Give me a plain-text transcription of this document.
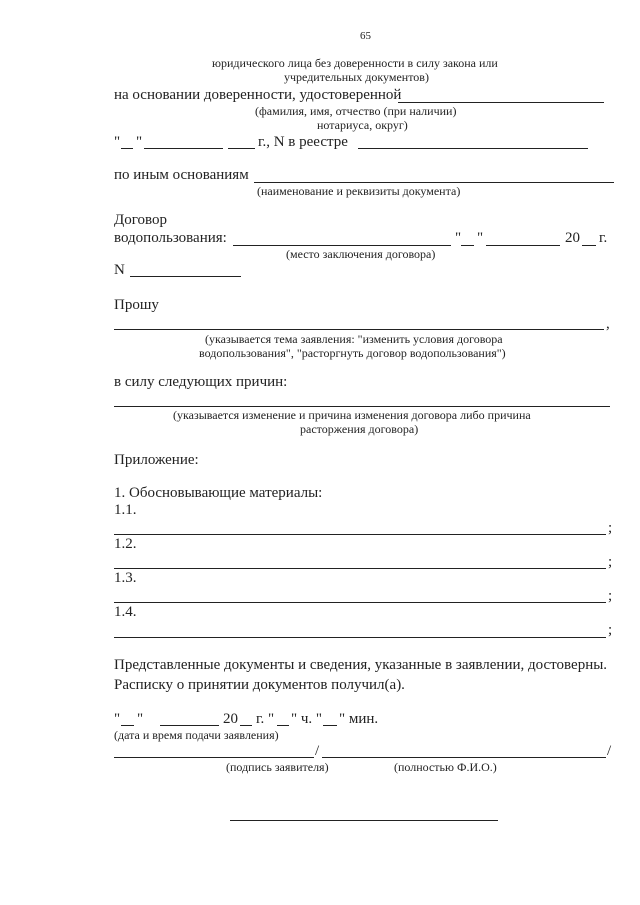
65
юридического лица без доверенности в силу закона или
учредительных документов)
на основании доверенности, удостоверенной
(фамилия, имя, отчество (при наличии)
нотариуса, округ)
" "	г., N в реестре
по иным основаниям
(наименование и реквизиты документа)
Договор
водопользования:	" "	20 г.
(место заключения договора)
N
Прошу
,
(указывается тема заявления: "изменить условия договора
водопользования", "расторгнуть договор водопользования")
в силу следующих причин:
(указывается изменение и причина изменения договора либо причина
расторжения договора)
Приложение:
1. Обосновывающие материалы:
1.1.
;
1.2.
;
1.3.
;
1.4.
;
Представленные документы и сведения, указанные в заявлении, достоверны.
Расписку о принятии документов получил(а).
" "	20 г. " " ч. " " мин.
(дата и время подачи заявления)
/	/
(подпись заявителя)	(полностью Ф.И.О.)
